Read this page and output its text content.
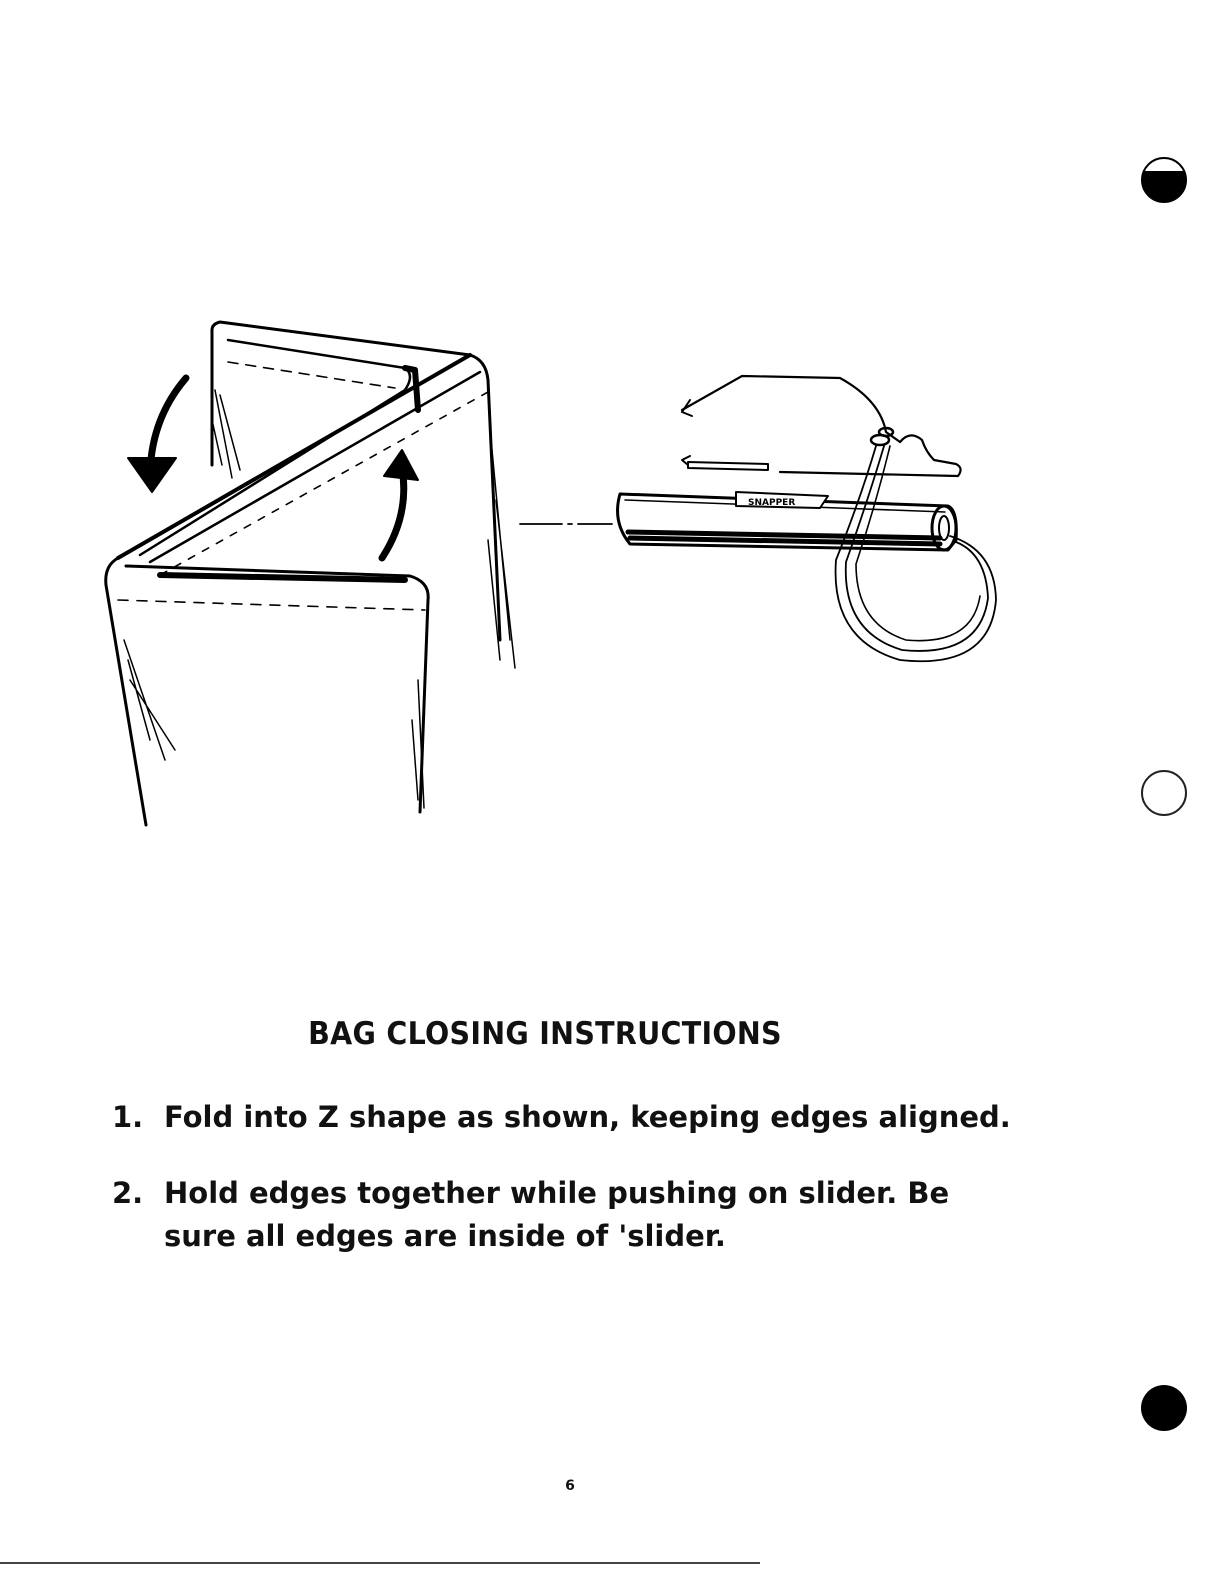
SNAPPER
BAG CLOSING INSTRUCTIONS
1. Fold into Z shape as shown, keeping edges aligned.
2. Hold edges together while pushing on slider. Be sure all edges are inside of 'slider.
6
